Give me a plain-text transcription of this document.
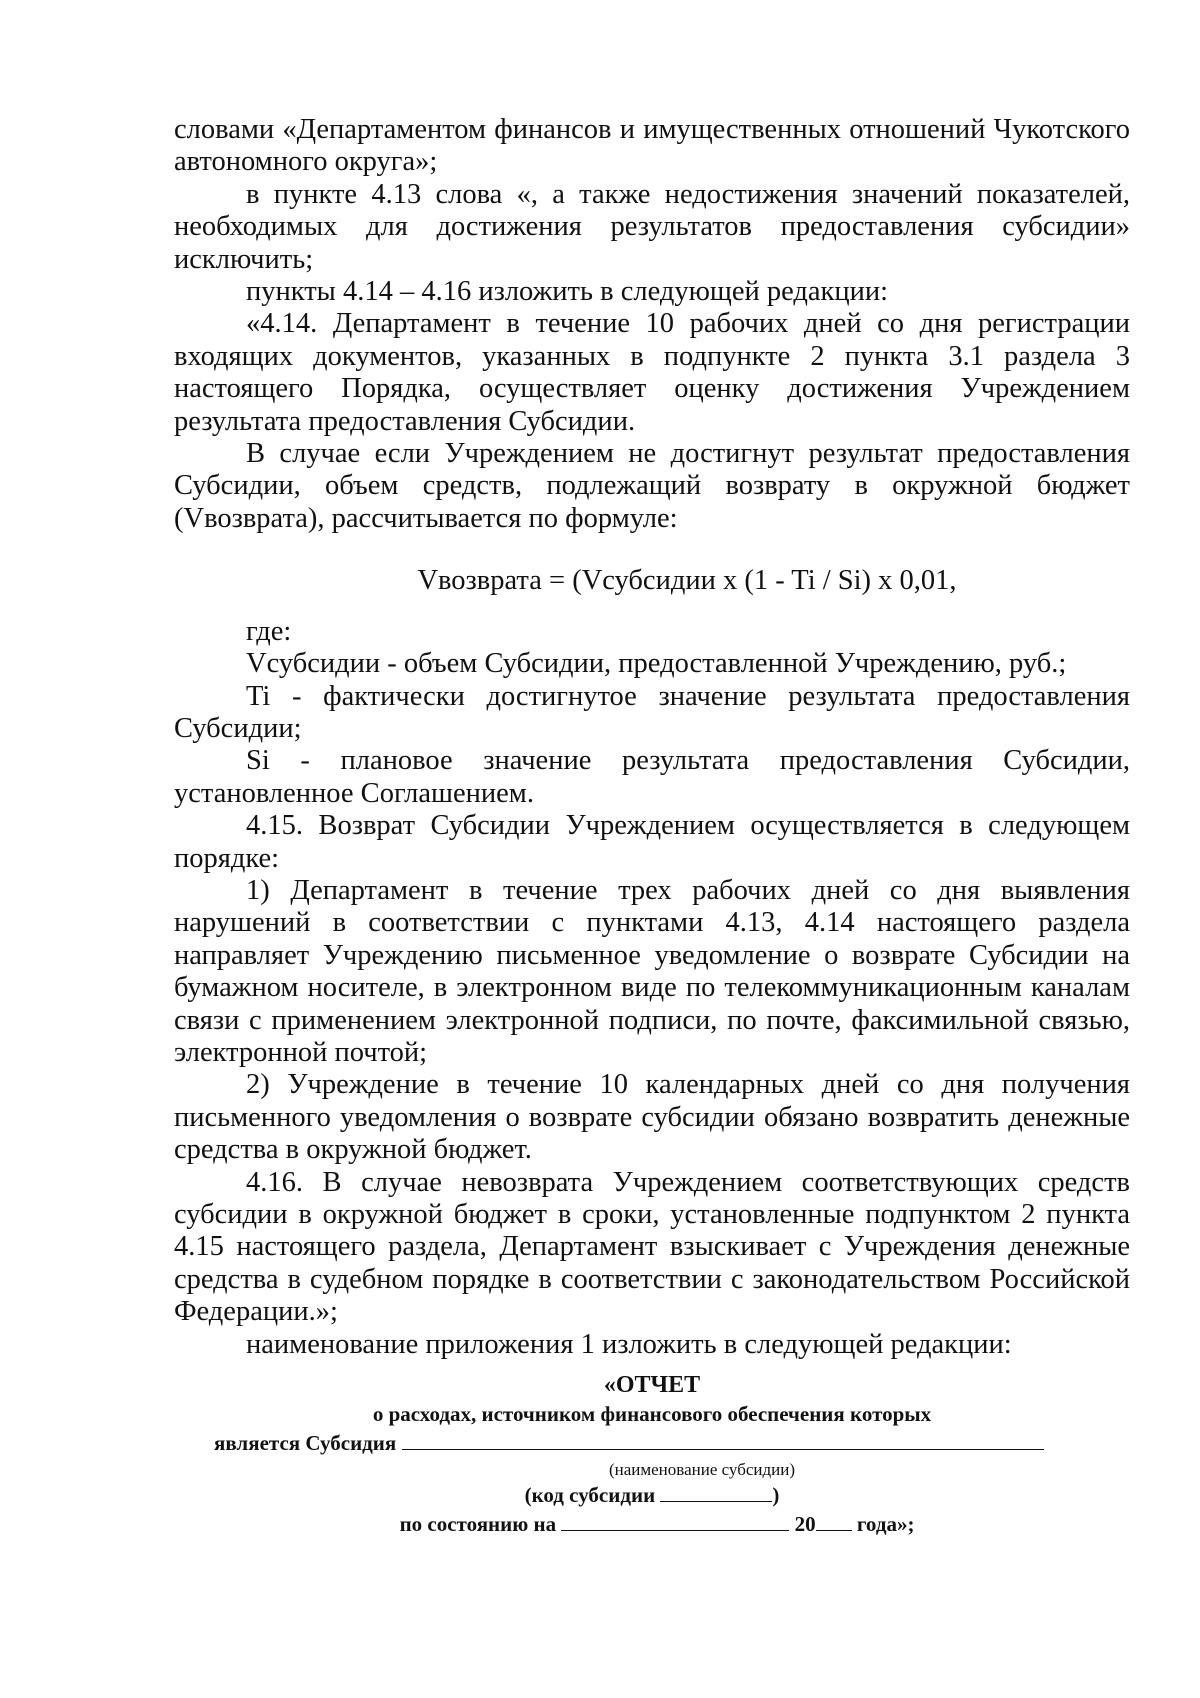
словами «Департаментом финансов и имущественных отношений Чукотского автономного округа»;

в пункте 4.13 слова «, а также недостижения значений показателей, необходимых для достижения результатов предоставления субсидии» исключить;

пункты 4.14 – 4.16 изложить в следующей редакции:

«4.14. Департамент в течение 10 рабочих дней со дня регистрации входящих документов, указанных в подпункте 2 пункта 3.1 раздела 3 настоящего Порядка, осуществляет оценку достижения Учреждением результата предоставления Субсидии.

В случае если Учреждением не достигнут результат предоставления Субсидии, объем средств, подлежащий возврату в окружной бюджет (Vвозврата), рассчитывается по формуле:

Vвозврата = (Vсубсидии x (1 - Ti / Si) x 0,01,

где:

Vсубсидии - объем Субсидии, предоставленной Учреждению, руб.;

Ti - фактически достигнутое значение результата предоставления Субсидии;

Si - плановое значение результата предоставления Субсидии, установленное Соглашением.

4.15. Возврат Субсидии Учреждением осуществляется в следующем порядке:

1) Департамент в течение трех рабочих дней со дня выявления нарушений в соответствии с пунктами 4.13, 4.14 настоящего раздела направляет Учреждению письменное уведомление о возврате Субсидии на бумажном носителе, в электронном виде по телекоммуникационным каналам связи с применением электронной подписи, по почте, факсимильной связью, электронной почтой;

2) Учреждение в течение 10 календарных дней со дня получения письменного уведомления о возврате субсидии обязано возвратить денежные средства в окружной бюджет.

4.16. В случае невозврата Учреждением соответствующих средств субсидии в окружной бюджет в сроки, установленные подпунктом 2 пункта 4.15 настоящего раздела, Департамент взыскивает с Учреждения денежные средства в судебном порядке в соответствии с законодательством Российской Федерации.»;

наименование приложения 1 изложить в следующей редакции:

«ОТЧЕТ
о расходах, источником финансового обеспечения которых
является Субсидия
(наименование субсидии)
(код субсидии	)
по состоянию на	20 года»;
